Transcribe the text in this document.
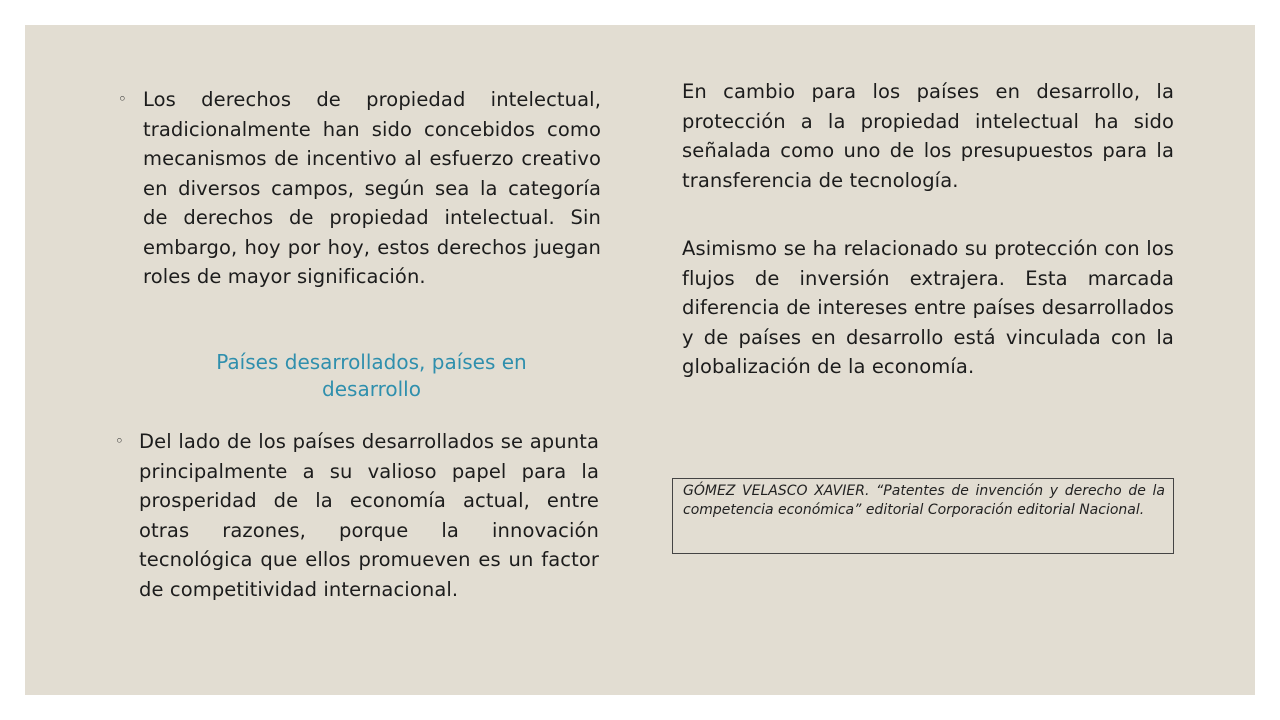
◦ Los derechos de propiedad intelectual, tradicionalmente han sido concebidos como mecanismos de incentivo al esfuerzo creativo en diversos campos, según sea la categoría de derechos de propiedad intelectual. Sin embargo, hoy por hoy, estos derechos juegan roles de mayor significación.

Países desarrollados, países en desarrollo

◦ Del lado de los países desarrollados se apunta principalmente a su valioso papel para la prosperidad de la economía actual, entre otras razones, porque la innovación tecnológica que ellos promueven es un factor de competitividad internacional.

En cambio para los países en desarrollo, la protección a la propiedad intelectual ha sido señalada como uno de los presupuestos para la transferencia de tecnología.

Asimismo se ha relacionado su protección con los flujos de inversión extrajera. Esta marcada diferencia de intereses entre países desarrollados y de países en desarrollo está vinculada con la globalización de la economía.

GÓMEZ VELASCO XAVIER. “Patentes de invención y derecho de la competencia económica” editorial Corporación editorial Nacional.
